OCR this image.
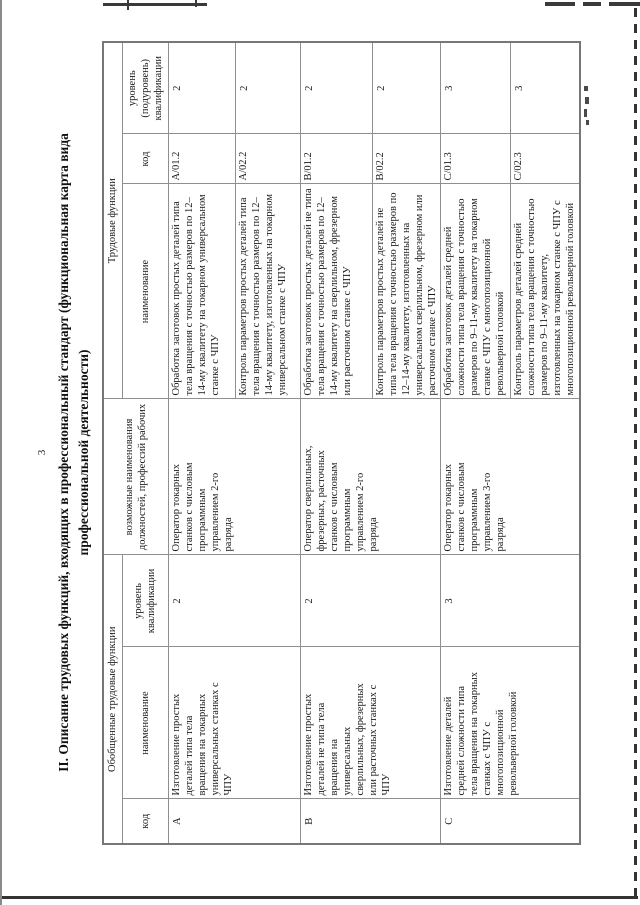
3 II. Описание трудовых функций, входящих в профессиональный стандарт (функциональная карта вида профессиональной деятельности)
Обобщенные трудовые функции			возможные наименования должностей, профессий рабочих	Трудовые функции		
код	наименование	уровень квалификации		наименование	код	уровень (подуровень) квалификации
А	Изготовление простых деталей типа тела вращения на токарных универсальных станках с ЧПУ	2	Оператор токарных станков с числовым программным управлением 2-го разряда	Обработка заготовок простых деталей типа тела вращения с точностью размеров по 12–14-му квалитету на токарном универсальном станке с ЧПУ	А/01.2	2
				Контроль параметров простых деталей типа тела вращения с точностью размеров по 12–14-му квалитету, изготовленных на токарном универсальном станке с ЧПУ	А/02.2	2
В	Изготовление простых деталей не типа тела вращения на универсальных сверлильных, фрезерных или расточных станках с ЧПУ	2	Оператор сверлильных, фрезерных, расточных станков с числовым программным управлением 2-го разряда	Обработка заготовок простых деталей не типа тела вращения с точностью размеров по 12–14-му квалитету на сверлильном, фрезерном или расточном станке с ЧПУ	В/01.2	2
				Контроль параметров простых деталей не типа тела вращения с точностью размеров по 12–14-му квалитету, изготовленных на универсальном сверлильном, фрезерном или расточном станке с ЧПУ	В/02.2	2
С	Изготовление деталей средней сложности типа тела вращения на токарных станках с ЧПУ с многопозиционной револьверной головкой	3	Оператор токарных станков с числовым программным управлением 3-го разряда	Обработка заготовок деталей средней сложности типа тела вращения с точностью размеров по 9–11-му квалитету на токарном станке с ЧПУ с многопозиционной револьверной головкой	С/01.3	3
				Контроль параметров деталей средней сложности типа тела вращения с точностью размеров по 9–11-му квалитету, изготовленных на токарном станке с ЧПУ с многопозиционной револьверной головкой	С/02.3	3
